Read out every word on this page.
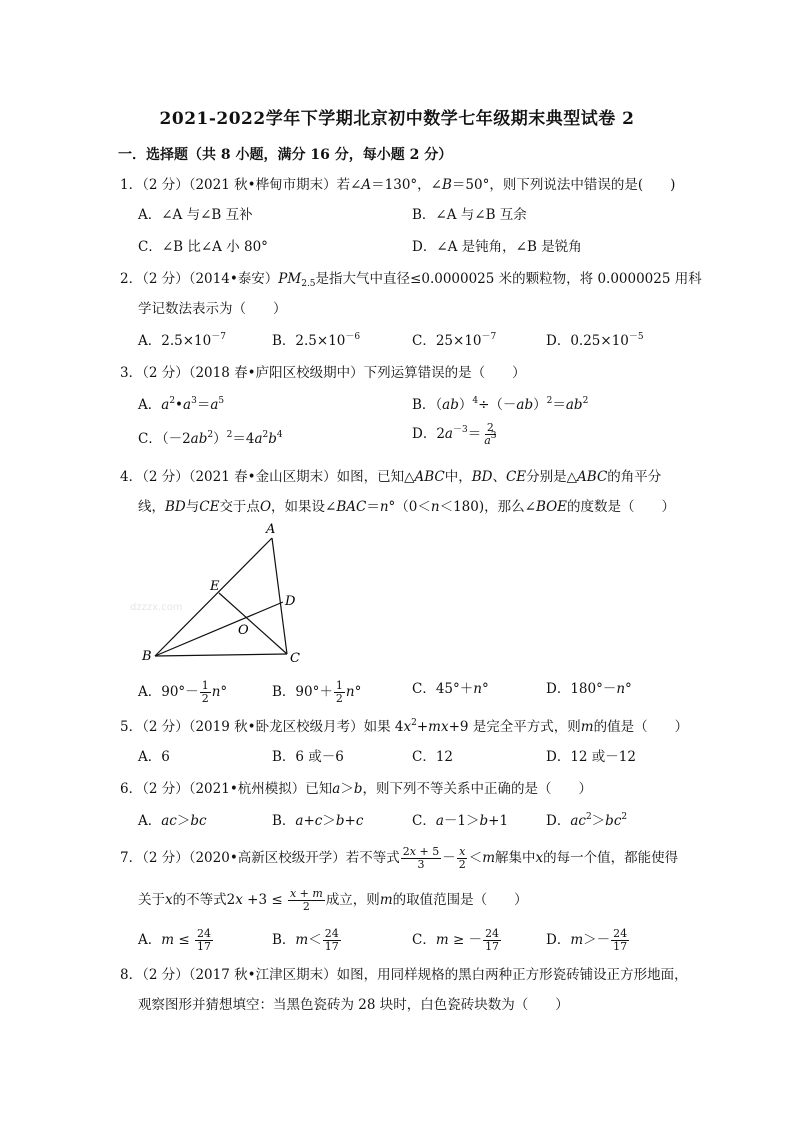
2021-2022学年下学期北京初中数学七年级期末典型试卷 2
一．选择题（共 8 小题，满分 16 分，每小题 2 分）
1．（2 分）（2021 秋•桦甸市期末）若∠A＝130°，∠B＝50°，则下列说法中错误的是(　　)
A．∠A 与∠B 互补	B．∠A 与∠B 互余
C．∠B 比∠A 小 80°	D．∠A 是钝角，∠B 是锐角
2．（2 分）（2014•泰安）$PM_{2.5}$是指大气中直径≤0.0000025 米的颗粒物，将 0.0000025 用科
学记数法表示为（　　）
A．$2.5\times 10^{-7}$	B．$2.5\times 10^{-6}$	C．$25\times 10^{-7}$	D．$0.25\times 10^{-5}$
3．（2 分）（2018 春•庐阳区校级期中）下列运算错误的是（　　）
A．$a^2•a^3=a^5$	B．$(ab)^4\div(-ab)^2=ab^2$
C．$(-2ab^2)^2=4a^2b^4$	D．$2a^{-3}= \frac{2}{a^3}$
4．（2 分）（2021 春•金山区期末）如图，已知△ABC中，BD、CE分别是△ABC的角平分
线，BD与CE交于点O，如果设∠BAC＝n°（0＜n＜180)，那么∠BOE的度数是（　　）
dzzzx.com
A
B	C
D
E
O
A．$90^\circ- \frac{1}{2} n^\circ$	B．$90^\circ+ \frac{1}{2} n^\circ$	C．45°＋n°	D．180°－n°
5．（2 分）（2019 秋•卧龙区校级月考）如果 $4x^2+mx+9$ 是完全平方式，则m的值是（　　）
A．6	B．6 或－6	C．12	D．12 或－12
6．（2 分）（2021•杭州模拟）已知a＞b，则下列不等关系中正确的是（　　）
A．ac＞bc	B．a+c＞b+c	C．a－1＞b+1	D．$ac^2>bc^2$
7．（2 分）（2020•高新区校级开学）若不等式 $\frac{2x + 5}{3} - \frac{x}{2} <m$解集中x的每一个值，都能使得
关于x的不等式$2x +3 \le \frac{x + m}{2}$ 成立，则m的取值范围是（　　）
A．$m \le \frac{24}{17}$	B．$m< \frac{24}{17}$	C．m ≥ － $\frac{24}{17}$	D．$m>- \frac{24}{17}$
8．（2 分）（2017 秋•江津区期末）如图，用同样规格的黑白两种正方形瓷砖铺设正方形地面，
观察图形并猜想填空：当黑色瓷砖为 28 块时，白色瓷砖块数为（　　）
